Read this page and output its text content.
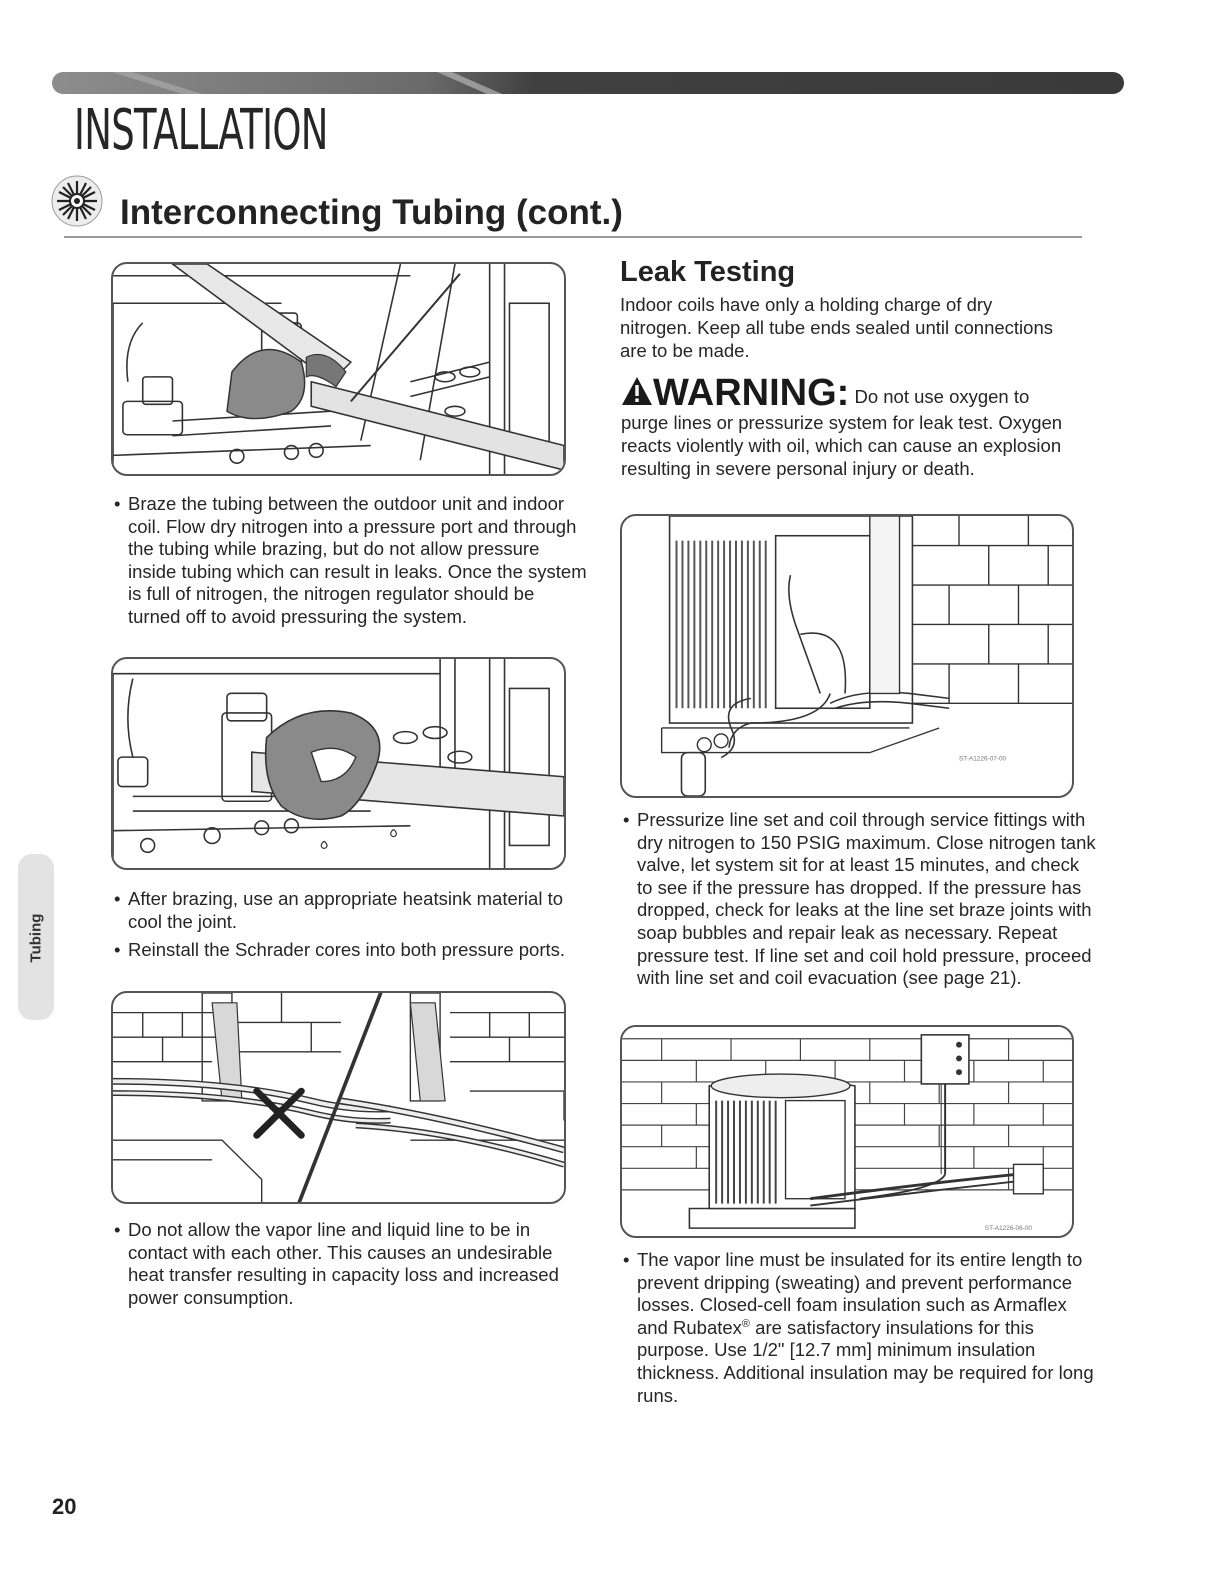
INSTALLATION
Interconnecting Tubing (cont.)

• Braze the tubing between the outdoor unit and indoor coil. Flow dry nitrogen into a pressure port and through the tubing while brazing, but do not allow pressure inside tubing which can result in leaks. Once the system is full of nitrogen, the nitrogen regulator should be turned off to avoid pressuring the system.

• After brazing, use an appropriate heatsink material to cool the joint.

• Reinstall the Schrader cores into both pressure ports.

• Do not allow the vapor line and liquid line to be in contact with each other. This causes an undesirable heat transfer resulting in capacity loss and increased power consumption.

Leak Testing

Indoor coils have only a holding charge of dry nitrogen. Keep all tube ends sealed until connections are to be made.

WARNING: Do not use oxygen to purge lines or pressurize system for leak test. Oxygen reacts violently with oil, which can cause an explosion resulting in severe personal injury or death.

ST-A1226-07-00

• Pressurize line set and coil through service fittings with dry nitrogen to 150 PSIG maximum. Close nitrogen tank valve, let system sit for at least 15 minutes, and check to see if the pressure has dropped. If the pressure has dropped, check for leaks at the line set braze joints with soap bubbles and repair leak as necessary. Repeat pressure test. If line set and coil hold pressure, proceed with line set and coil evacuation (see page 21).

ST-A1226-06-00

• The vapor line must be insulated for its entire length to prevent dripping (sweating) and prevent performance losses. Closed-cell foam insulation such as Armaflex and Rubatex® are satisfactory insulations for this purpose. Use 1/2" [12.7 mm] minimum insulation thickness. Additional insulation may be required for long runs.

Tubing

20
